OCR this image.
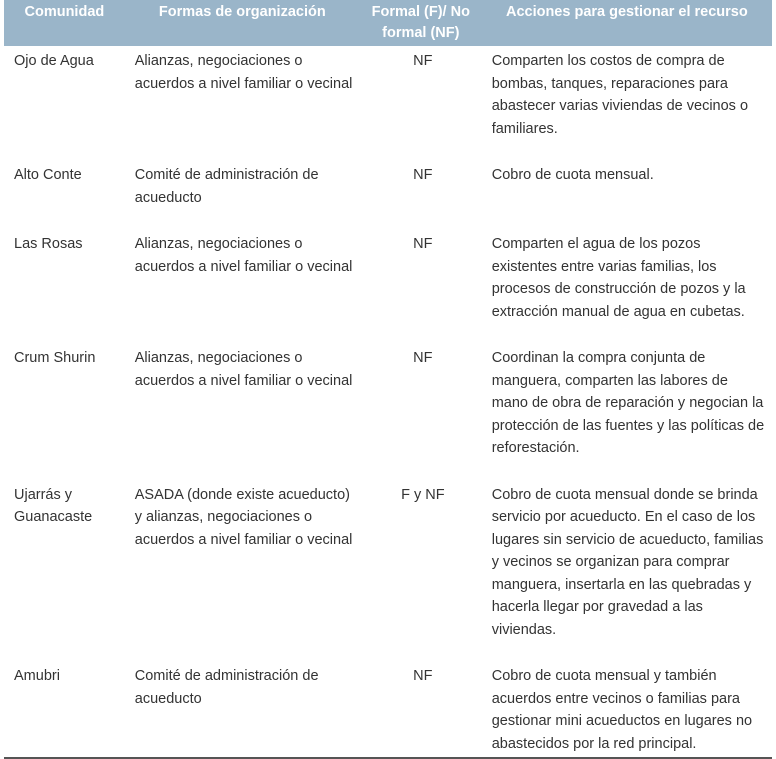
Comunidad	Formas de organización	Formal (F)/ No formal (NF)	Acciones para gestionar el recurso
Ojo de Agua	Alianzas, negociaciones o acuerdos a nivel familiar o vecinal	NF	Comparten los costos de compra de bombas, tanques, reparaciones para abastecer varias viviendas de vecinos o familiares.
Alto Conte	Comité de administración de acueducto	NF	Cobro de cuota mensual.
Las Rosas	Alianzas, negociaciones o acuerdos a nivel familiar o vecinal	NF	Comparten el agua de los pozos existentes entre varias familias, los procesos de construcción de pozos y la extracción manual de agua en cubetas.
Crum Shurin	Alianzas, negociaciones o acuerdos a nivel familiar o vecinal	NF	Coordinan la compra conjunta de manguera, comparten las labores de mano de obra de reparación y negocian la protección de las fuentes y las políticas de reforestación.
Ujarrás y Guanacaste	ASADA (donde existe acueducto) y alianzas, negociaciones o acuerdos a nivel familiar o vecinal	F y NF	Cobro de cuota mensual donde se brinda servicio por acueducto. En el caso de los lugares sin servicio de acueducto, familias y vecinos se organizan para comprar manguera, insertarla en las quebradas y hacerla llegar por gravedad a las viviendas.
Amubri	Comité de administración de acueducto	NF	Cobro de cuota mensual y también acuerdos entre vecinos o familias para gestionar mini acueductos en lugares no abastecidos por la red principal.
